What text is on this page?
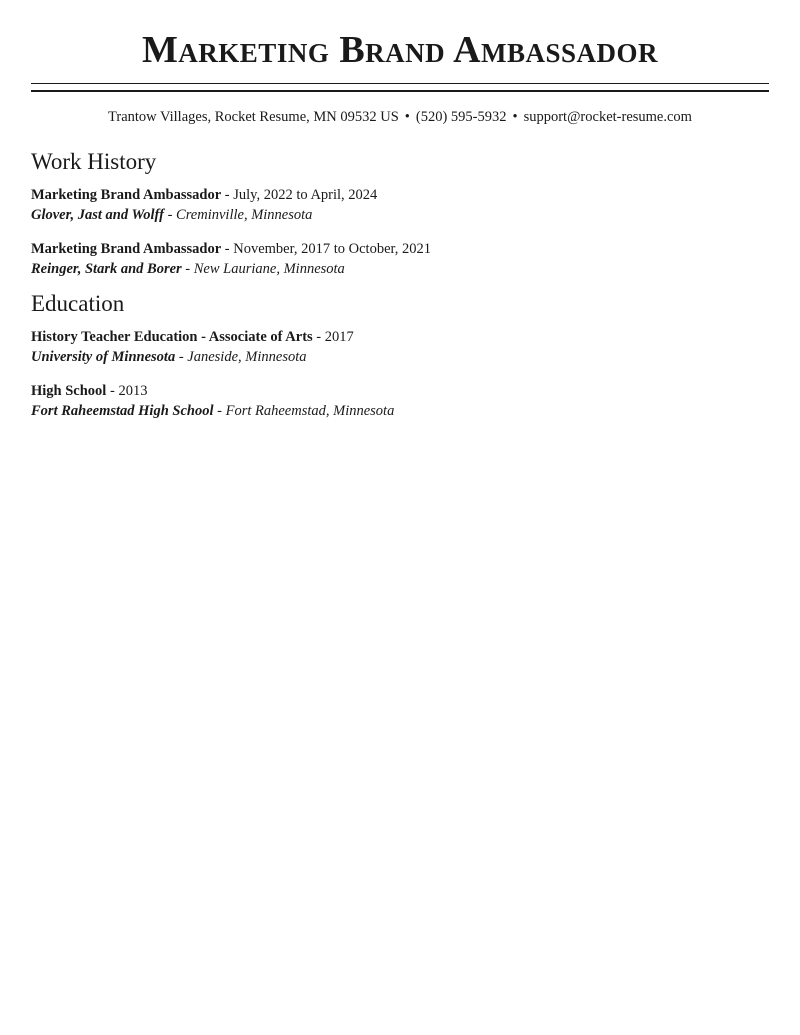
Marketing Brand Ambassador
Trantow Villages, Rocket Resume, MN 09532 US • (520) 595-5932 • support@rocket-resume.com
Work History
Marketing Brand Ambassador - July, 2022 to April, 2024
Glover, Jast and Wolff - Creminville, Minnesota
Marketing Brand Ambassador - November, 2017 to October, 2021
Reinger, Stark and Borer - New Lauriane, Minnesota
Education
History Teacher Education - Associate of Arts - 2017
University of Minnesota - Janeside, Minnesota
High School - 2013
Fort Raheemstad High School - Fort Raheemstad, Minnesota
